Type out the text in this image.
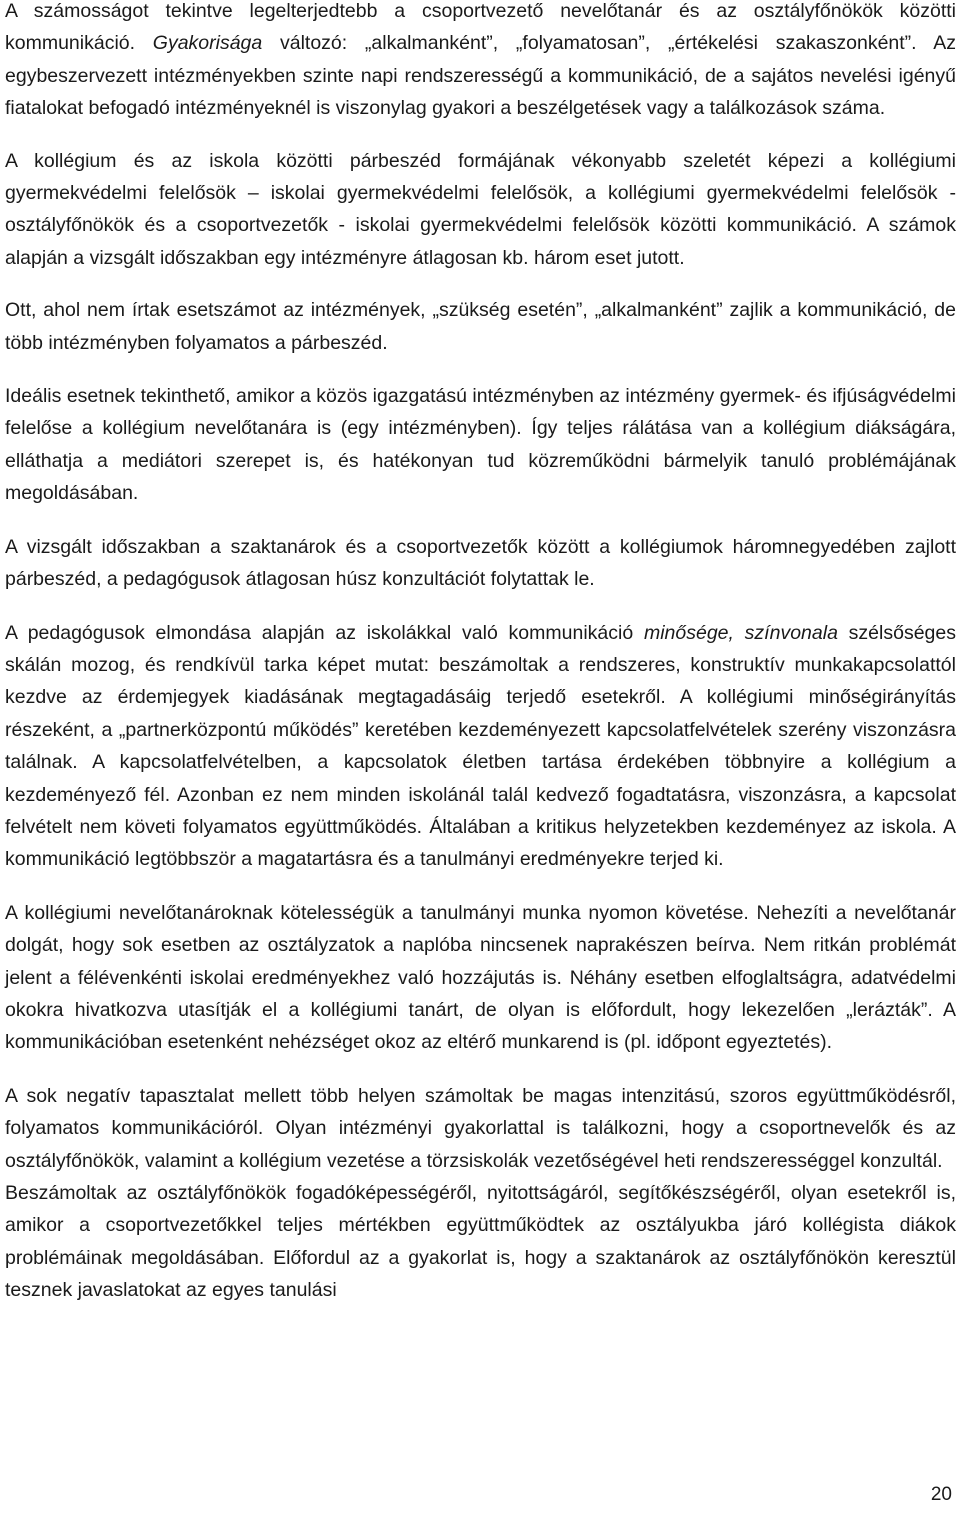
A számosságot tekintve legelterjedtebb a csoportvezető nevelőtanár és az osztályfőnökök közötti kommunikáció. Gyakorisága változó: „alkalmanként”, „folyamatosan”, „értékelési szakaszonként”. Az egybeszervezett intézményekben szinte napi rendszerességű a kommunikáció, de a sajátos nevelési igényű fiatalokat befogadó intézményeknél is viszonylag gyakori a beszélgetések vagy a találkozások száma.

A kollégium és az iskola közötti párbeszéd formájának vékonyabb szeletét képezi a kollégiumi gyermekvédelmi felelősök – iskolai gyermekvédelmi felelősök, a kollégiumi gyermekvédelmi felelősök - osztályfőnökök és a csoportvezetők - iskolai gyermekvédelmi felelősök közötti kommunikáció. A számok alapján a vizsgált időszakban egy intézményre átlagosan kb. három eset jutott.

Ott, ahol nem írtak esetszámot az intézmények, „szükség esetén”, „alkalmanként” zajlik a kommunikáció, de több intézményben folyamatos a párbeszéd.

Ideális esetnek tekinthető, amikor a közös igazgatású intézményben az intézmény gyermek- és ifjúságvédelmi felelőse a kollégium nevelőtanára is (egy intézményben). Így teljes rálátása van a kollégium diákságára, elláthatja a mediátori szerepet is, és hatékonyan tud közreműködni bármelyik tanuló problémájának megoldásában.

A vizsgált időszakban a szaktanárok és a csoportvezetők között a kollégiumok háromnegyedében zajlott párbeszéd, a pedagógusok átlagosan húsz konzultációt folytattak le.

A pedagógusok elmondása alapján az iskolákkal való kommunikáció minősége, színvonala szélsőséges skálán mozog, és rendkívül tarka képet mutat: beszámoltak a rendszeres, konstruktív munkakapcsolattól kezdve az érdemjegyek kiadásának megtagadásáig terjedő esetekről. A kollégiumi minőségirányítás részeként, a „partnerközpontú működés” keretében kezdeményezett kapcsolatfelvételek szerény viszonzásra találnak. A kapcsolatfelvételben, a kapcsolatok életben tartása érdekében többnyire a kollégium a kezdeményező fél. Azonban ez nem minden iskolánál talál kedvező fogadtatásra, viszonzásra, a kapcsolat felvételt nem követi folyamatos együttműködés. Általában a kritikus helyzetekben kezdeményez az iskola. A kommunikáció legtöbbször a magatartásra és a tanulmányi eredményekre terjed ki.

A kollégiumi nevelőtanároknak kötelességük a tanulmányi munka nyomon követése. Nehezíti a nevelőtanár dolgát, hogy sok esetben az osztályzatok a naplóba nincsenek naprakészen beírva. Nem ritkán problémát jelent a félévenkénti iskolai eredményekhez való hozzájutás is. Néhány esetben elfoglaltságra, adatvédelmi okokra hivatkozva utasítják el a kollégiumi tanárt, de olyan is előfordult, hogy lekezelően „lerázták”. A kommunikációban esetenként nehézséget okoz az eltérő munkarend is (pl. időpont egyeztetés).

A sok negatív tapasztalat mellett több helyen számoltak be magas intenzitású, szoros együttműködésről, folyamatos kommunikációról. Olyan intézményi gyakorlattal is találkozni, hogy a csoportnevelők és az osztályfőnökök, valamint a kollégium vezetése a törzsiskolák vezetőségével heti rendszerességgel konzultál.

Beszámoltak az osztályfőnökök fogadóképességéről, nyitottságáról, segítőkészségéről, olyan esetekről is, amikor a csoportvezetőkkel teljes mértékben együttműködtek az osztályukba járó kollégista diákok problémáinak megoldásában. Előfordul az a gyakorlat is, hogy a szaktanárok az osztályfőnökön keresztül tesznek javaslatokat az egyes tanulási

20
